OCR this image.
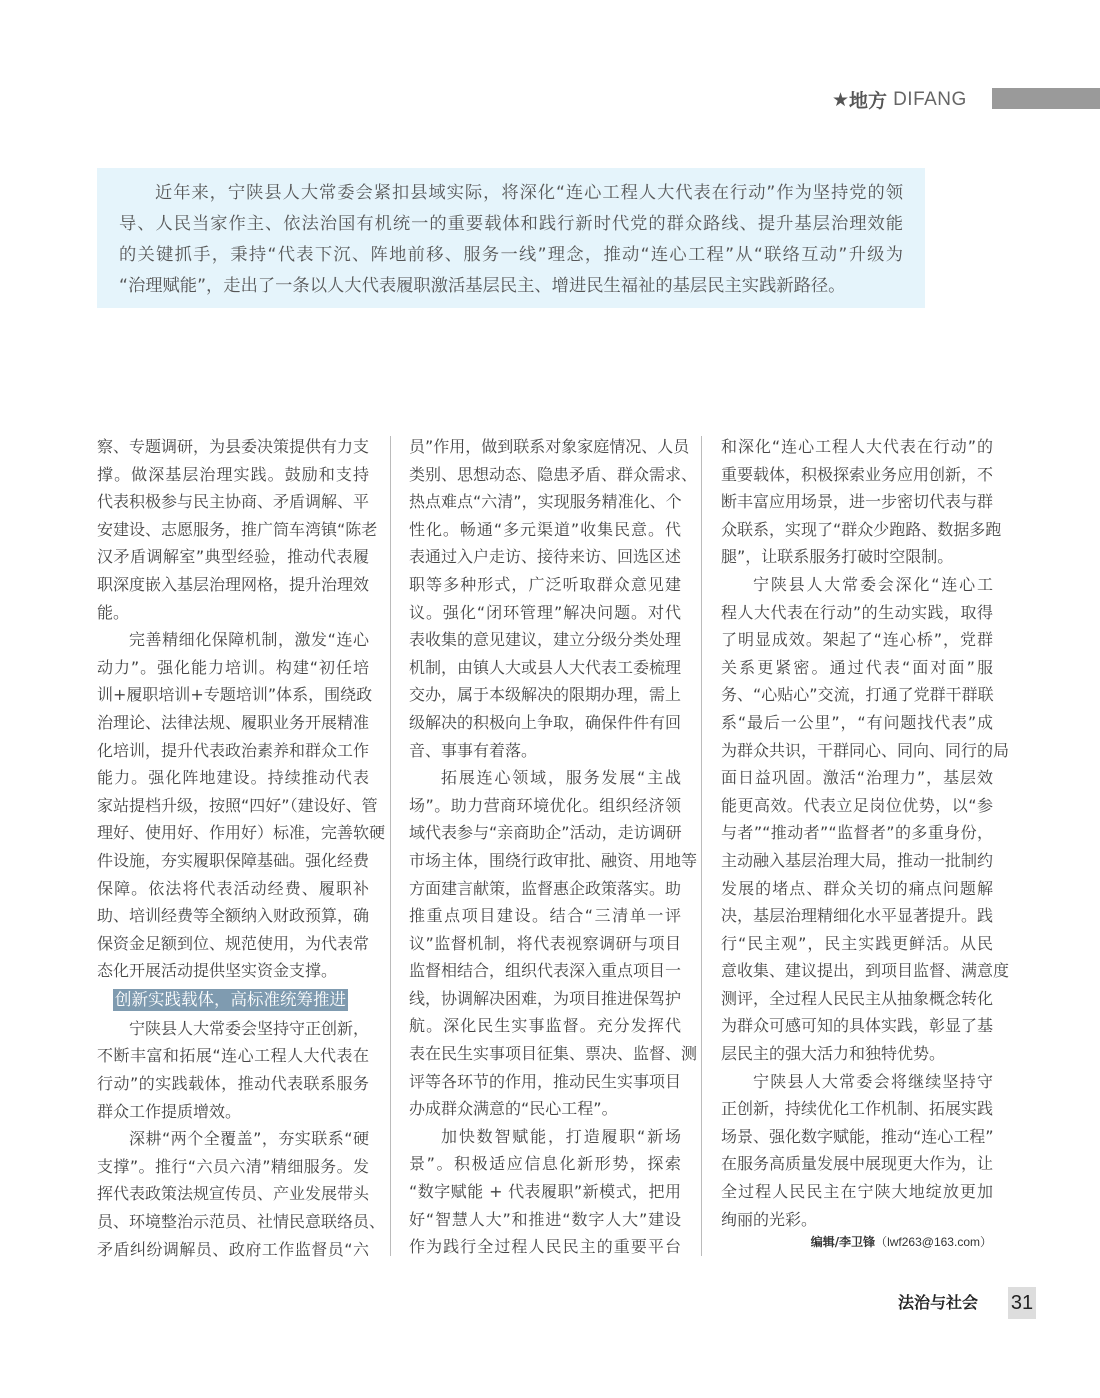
★ 地方 DIFANG
近年来，宁陕县人大常委会紧扣县域实际，将深化“连心工程人大代表在行动”作为坚持党的领
导、人民当家作主、依法治国有机统一的重要载体和践行新时代党的群众路线、提升基层治理效能
的关键抓手，秉持“代表下沉、阵地前移、服务一线”理念，推动“连心工程”从“联络互动”升级为
“治理赋能”，走出了一条以人大代表履职激活基层民主、增进民生福祉的基层民主实践新路径。
察、专题调研，为县委决策提供有力支
撑。做深基层治理实践。鼓励和支持
代表积极参与民主协商、矛盾调解、平
安建设、志愿服务，推广筒车湾镇“陈老
汉矛盾调解室”典型经验，推动代表履
职深度嵌入基层治理网格，提升治理效
能。
完善精细化保障机制，激发“连心
动力”。强化能力培训。构建“初任培
训+履职培训+专题培训”体系，围绕政
治理论、法律法规、履职业务开展精准
化培训，提升代表政治素养和群众工作
能力。强化阵地建设。持续推动代表
家站提档升级，按照“四好”（建设好、管
理好、使用好、作用好）标准，完善软硬
件设施，夯实履职保障基础。强化经费
保障。依法将代表活动经费、履职补
助、培训经费等全额纳入财政预算，确
保资金足额到位、规范使用，为代表常
态化开展活动提供坚实资金支撑。
创新实践载体，高标准统筹推进
宁陕县人大常委会坚持守正创新，
不断丰富和拓展“连心工程人大代表在
行动”的实践载体，推动代表联系服务
群众工作提质增效。
深耕“两个全覆盖”，夯实联系“硬
支撑”。推行“六员六清”精细服务。发
挥代表政策法规宣传员、产业发展带头
员、环境整治示范员、社情民意联络员、
矛盾纠纷调解员、政府工作监督员“六
员”作用，做到联系对象家庭情况、人员
类别、思想动态、隐患矛盾、群众需求、
热点难点“六清”，实现服务精准化、个
性化。畅通“多元渠道”收集民意。代
表通过入户走访、接待来访、回选区述
职等多种形式，广泛听取群众意见建
议。强化“闭环管理”解决问题。对代
表收集的意见建议，建立分级分类处理
机制，由镇人大或县人大代表工委梳理
交办，属于本级解决的限期办理，需上
级解决的积极向上争取，确保件件有回
音、事事有着落。
拓展连心领域，服务发展“主战
场”。助力营商环境优化。组织经济领
域代表参与“亲商助企”活动，走访调研
市场主体，围绕行政审批、融资、用地等
方面建言献策，监督惠企政策落实。助
推重点项目建设。结合“三清单一评
议”监督机制，将代表视察调研与项目
监督相结合，组织代表深入重点项目一
线，协调解决困难，为项目推进保驾护
航。深化民生实事监督。充分发挥代
表在民生实事项目征集、票决、监督、测
评等各环节的作用，推动民生实事项目
办成群众满意的“民心工程”。
加快数智赋能，打造履职“新场
景”。积极适应信息化新形势，探索
“数字赋能 + 代表履职”新模式，把用
好“智慧人大”和推进“数字人大”建设
作为践行全过程人民民主的重要平台
和深化“连心工程人大代表在行动”的
重要载体，积极探索业务应用创新，不
断丰富应用场景，进一步密切代表与群
众联系，实现了“群众少跑路、数据多跑
腿”，让联系服务打破时空限制。
宁陕县人大常委会深化“连心工
程人大代表在行动”的生动实践，取得
了明显成效。架起了“连心桥”，党群
关系更紧密。通过代表“面对面”服
务、“心贴心”交流，打通了党群干群联
系“最后一公里”，“有问题找代表”成
为群众共识，干群同心、同向、同行的局
面日益巩固。激活“治理力”，基层效
能更高效。代表立足岗位优势，以“参
与者”“推动者”“监督者”的多重身份，
主动融入基层治理大局，推动一批制约
发展的堵点、群众关切的痛点问题解
决，基层治理精细化水平显著提升。践
行“民主观”，民主实践更鲜活。从民
意收集、建议提出，到项目监督、满意度
测评，全过程人民民主从抽象概念转化
为群众可感可知的具体实践，彰显了基
层民主的强大活力和独特优势。
宁陕县人大常委会将继续坚持守
正创新，持续优化工作机制、拓展实践
场景、强化数字赋能，推动“连心工程”
在服务高质量发展中展现更大作为，让
全过程人民民主在宁陕大地绽放更加
绚丽的光彩。
编辑/李卫锋（lwf263@163.com）
法治与社会 31
